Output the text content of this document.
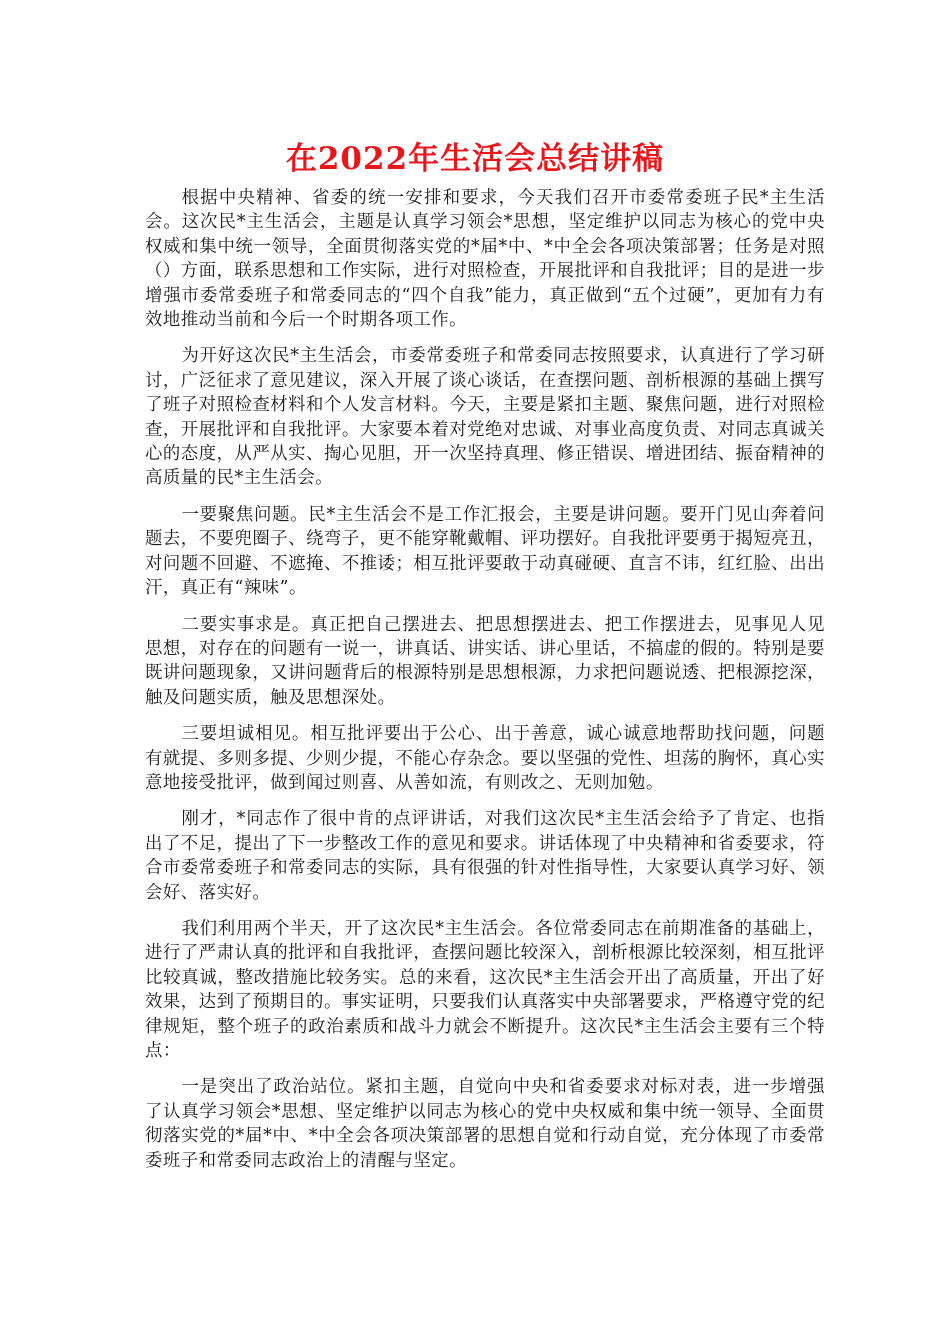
在2022年生活会总结讲稿

根据中央精神、省委的统一安排和要求，今天我们召开市委常委班子民*主生活会。这次民*主生活会，主题是认真学习领会*思想，坚定维护以同志为核心的党中央权威和集中统一领导，全面贯彻落实党的*届*中、*中全会各项决策部署；任务是对照（）方面，联系思想和工作实际，进行对照检查，开展批评和自我批评；目的是进一步增强市委常委班子和常委同志的“四个自我”能力，真正做到“五个过硬”，更加有力有效地推动当前和今后一个时期各项工作。

为开好这次民*主生活会，市委常委班子和常委同志按照要求，认真进行了学习研讨，广泛征求了意见建议，深入开展了谈心谈话，在查摆问题、剖析根源的基础上撰写了班子对照检查材料和个人发言材料。今天，主要是紧扣主题、聚焦问题，进行对照检查，开展批评和自我批评。大家要本着对党绝对忠诚、对事业高度负责、对同志真诚关心的态度，从严从实、掏心见胆，开一次坚持真理、修正错误、增进团结、振奋精神的高质量的民*主生活会。

一要聚焦问题。民*主生活会不是工作汇报会，主要是讲问题。要开门见山奔着问题去，不要兜圈子、绕弯子，更不能穿靴戴帽、评功摆好。自我批评要勇于揭短亮丑，对问题不回避、不遮掩、不推诿；相互批评要敢于动真碰硬、直言不讳，红红脸、出出汗，真正有“辣味”。

二要实事求是。真正把自己摆进去、把思想摆进去、把工作摆进去，见事见人见思想，对存在的问题有一说一，讲真话、讲实话、讲心里话，不搞虚的假的。特别是要既讲问题现象，又讲问题背后的根源特别是思想根源，力求把问题说透、把根源挖深，触及问题实质，触及思想深处。

三要坦诚相见。相互批评要出于公心、出于善意，诚心诚意地帮助找问题，问题有就提、多则多提、少则少提，不能心存杂念。要以坚强的党性、坦荡的胸怀，真心实意地接受批评，做到闻过则喜、从善如流，有则改之、无则加勉。

刚才，*同志作了很中肯的点评讲话，对我们这次民*主生活会给予了肯定、也指出了不足，提出了下一步整改工作的意见和要求。讲话体现了中央精神和省委要求，符合市委常委班子和常委同志的实际，具有很强的针对性指导性，大家要认真学习好、领会好、落实好。

我们利用两个半天，开了这次民*主生活会。各位常委同志在前期准备的基础上，进行了严肃认真的批评和自我批评，查摆问题比较深入，剖析根源比较深刻，相互批评比较真诚，整改措施比较务实。总的来看，这次民*主生活会开出了高质量，开出了好效果，达到了预期目的。事实证明，只要我们认真落实中央部署要求，严格遵守党的纪律规矩，整个班子的政治素质和战斗力就会不断提升。这次民*主生活会主要有三个特点：

一是突出了政治站位。紧扣主题，自觉向中央和省委要求对标对表，进一步增强了认真学习领会*思想、坚定维护以同志为核心的党中央权威和集中统一领导、全面贯彻落实党的*届*中、*中全会各项决策部署的思想自觉和行动自觉，充分体现了市委常委班子和常委同志政治上的清醒与坚定。
